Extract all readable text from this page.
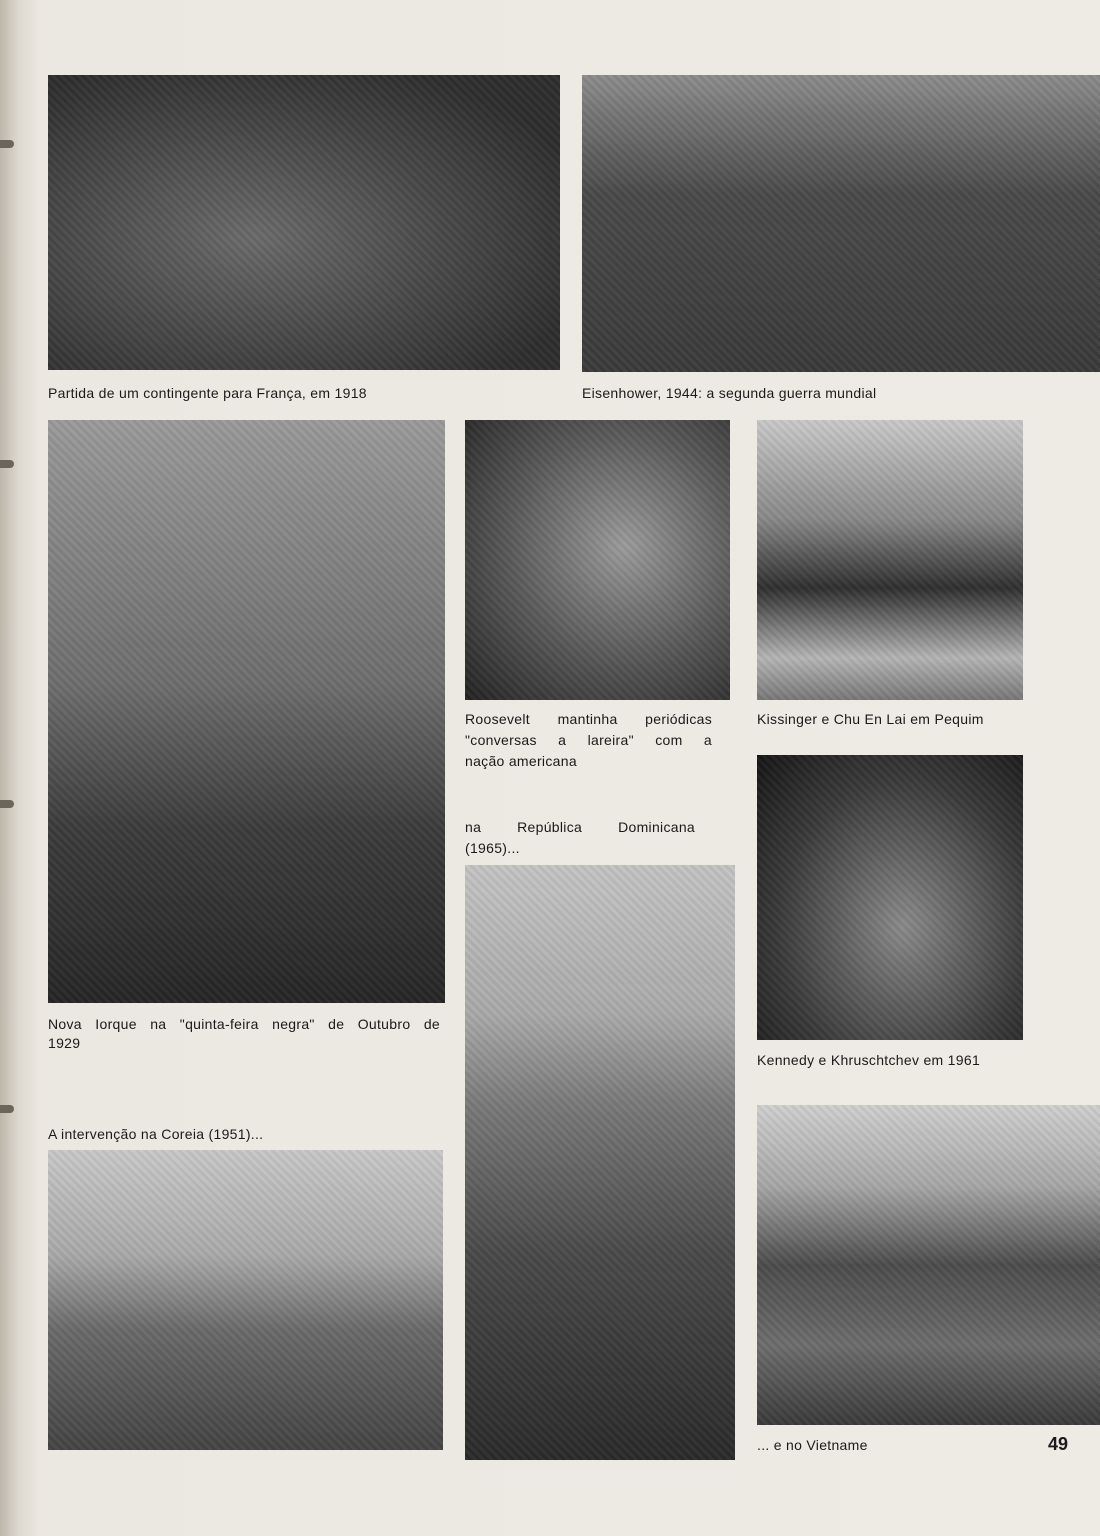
Partida de um contingente para França, em 1918	Eisenhower, 1944: a segunda guerra mundial
Roosevelt mantinha periódicas
"conversas a lareira" com a
nação americana
Kissinger e Chu En Lai em Pequim
na República Dominicana
(1965)...
Kennedy e Khruschtchev em 1961
Nova Iorque na "quinta-feira negra" de Outubro de
1929
A intervenção na Coreia (1951)...
... e no Vietname	49
